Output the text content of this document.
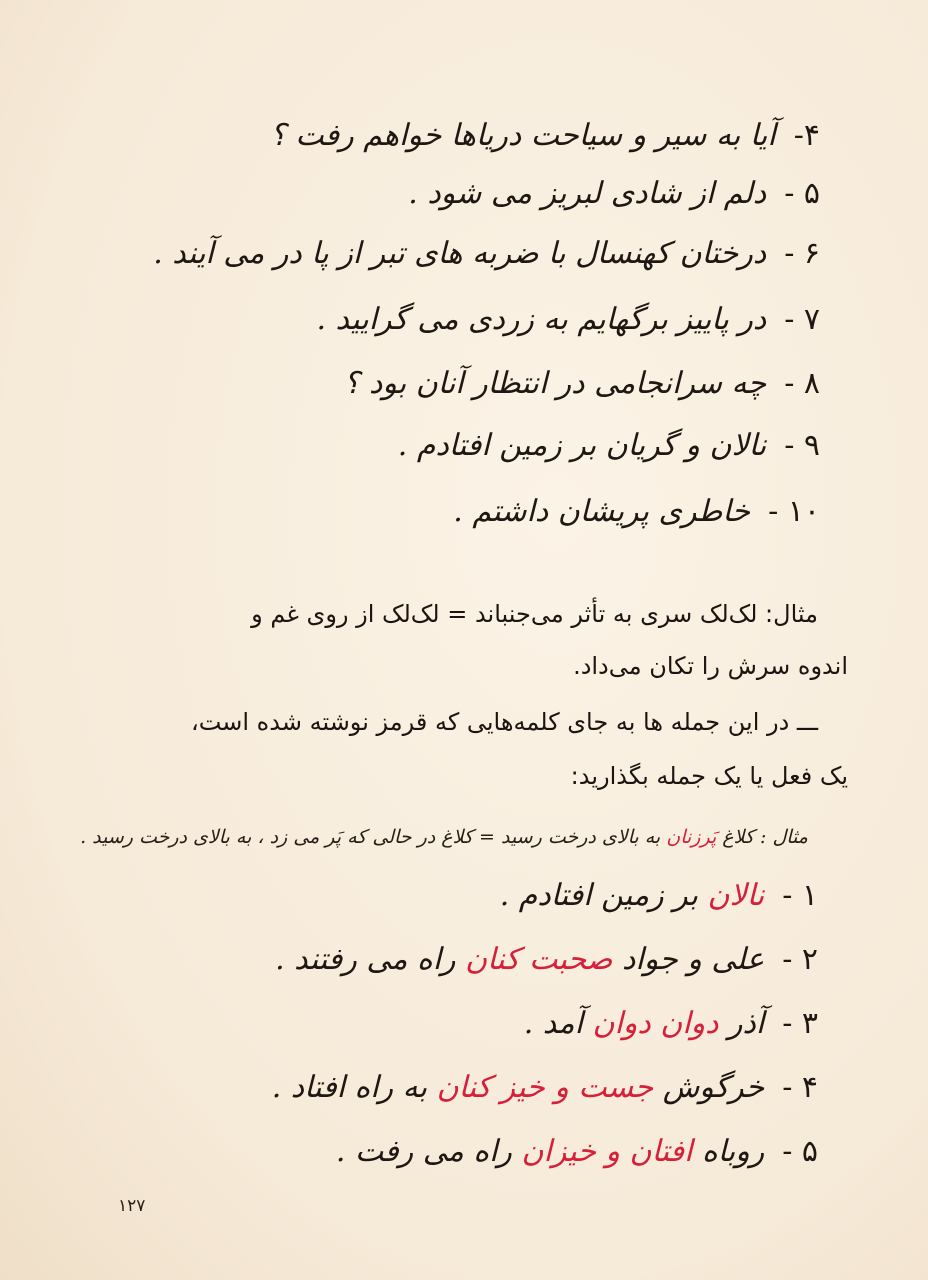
۴-آیا به سیر و سیاحت دریاها خواهم رفت ؟
۵ -دلم از شادی لبریز می شود .
۶ -درختان کهنسال با ضربه های تبر از پا در می آیند .
۷ -در پاییز برگهایم به زردی می گرایید .
۸ -چه سرانجامی در انتظار آنان بود ؟
۹ -نالان و گریان بر زمین افتادم .
۱۰ -خاطری پریشان داشتم .
مثال: لک‌لک سری به تأثر می‌جنباند = لک‌لک از روی غم و
اندوه سرش را تکان می‌داد.
ـــ در این جمله ها به جای کلمه‌هایی که قرمز نوشته شده است،
یک فعل یا یک جمله بگذارید:
مثال : کلاغ پَرزنان به بالای درخت رسید = کلاغ در حالی که پَر می زد ، به بالای درخت رسید .
۱ -نالان بر زمین افتادم .
۲ -علی و جواد صحبت کنان راه می رفتند .
۳ -آذر دوان دوان آمد .
۴ -خرگوش جست و خیز کنان به راه افتاد .
۵ -روباه افتان و خیزان راه می رفت .
۱۲۷
